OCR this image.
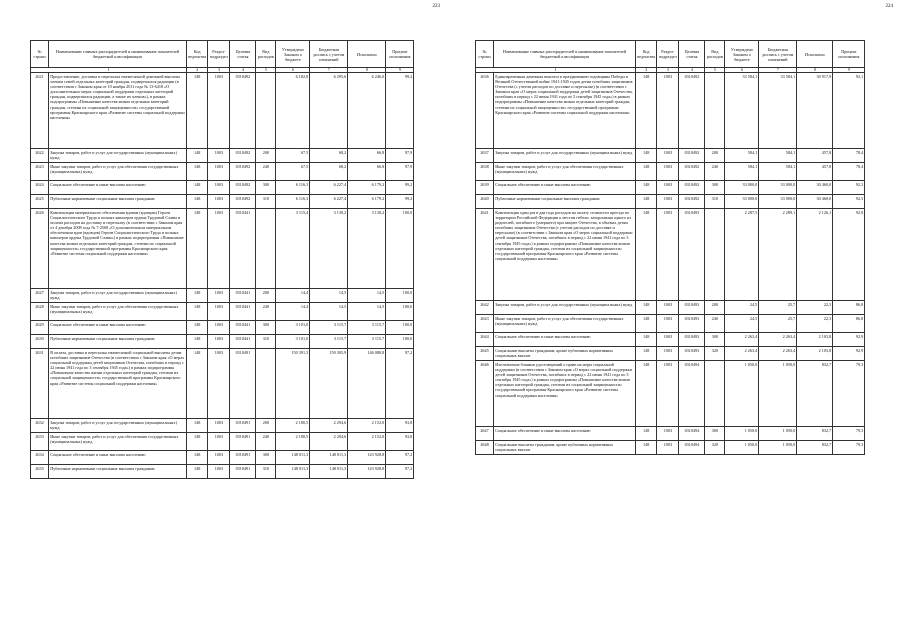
223
№ строки	Наименование главных распорядителей и наименование показателей бюджетной классификации	Код ведомства	Раздел-подраздел	Целевая статья	Вид расходов	Утверждено Законом о бюджете	Бюджетная роспись с учетом изменений	Исполнено	Процент исполнения
1		2	3	4	5	6	7	8	9
2621	Предоставление, доставка и пересылка ежемесячной денежной выплаты членам семей отдельных категорий граждан, подвергшихся радиации (в соответствии с Законом края от 10 ноября 2011 года № 13-6418 «О дополнительных мерах социальной поддержки отдельных категорий граждан, подвергшихся радиации, а также их членов»), в рамках подпрограммы «Повышение качества жизни отдельных категорий граждан, степени их социальной защищенности» государственной программы Красноярского края «Развитие системы социальной поддержки населения»	148	1003	0310492		6 182,8	6 295,6	6 246,0	99,2
2622	Закупка товаров, работ и услуг для государственных (муниципальных) нужд	148	1003	0310492	200	67,5	68,2	66,8	97,9
2623	Иные закупки товаров, работ и услуг для обеспечения государственных (муниципальных) нужд	148	1003	0310492	240	67,5	68,2	66,8	97,9
2624	Социальное обеспечение и иные выплаты населению	148	1003	0310492	300	6 116,3	6 227,4	6 179,2	99,2
2625	Публичные нормативные социальные выплаты гражданам	148	1003	0310492	310	6 116,3	6 227,4	6 179,2	99,2
2626	Компенсация материального обеспечения вдовам (вдовцам) Героев Социалистического Труда и полных кавалеров ордена Трудовой Славы и оплаты расходов на доставку и пересылку (в соответствии с Законом края от 4 декабря 2008 года № 7-2568 «О дополнительном материальном обеспечении вдов (вдовцов) Героев Социалистического Труда и полных кавалеров ордена Трудовой Славы») в рамках подпрограммы «Повышение качества жизни отдельных категорий граждан, степени их социальной защищенности» государственной программы Красноярского края «Развитие системы социальной поддержки населения»	148	1003	0310441		3 115,4	3 130,2	3 130,2	100,0
2627	Закупка товаров, работ и услуг для государственных (муниципальных) нужд	148	1003	0310441	200	14,4	14,5	14,5	100,0
2628	Иные закупки товаров, работ и услуг для обеспечения государственных (муниципальных) нужд	148	1003	0310441	240	14,4	14,5	14,5	100,0
2629	Социальное обеспечение и иные выплаты населению	148	1003	0310441	300	3 101,0	3 115,7	3 115,7	100,0
2630	Публичные нормативные социальные выплаты гражданам	148	1003	0310441	310	3 101,0	3 115,7	3 115,7	100,0
2631	В оплата, доставка и пересылка ежемесячной социальной выплаты детям погибших защитников Отечества (в соответствии с Законом края «О мерах социальной поддержки детей защитников Отечества, погибших в период с 22 июня 1941 года по 3 сентября 1945 года») в рамках подпрограммы «Повышение качества жизни отдельных категорий граждан, степени их социальной защищенности» государственной программы Красноярского края «Развитие системы социальной поддержки населения»	148	1003	0310491		150 391,3	150 305,9	146 080,8	97,2
2632	Закупка товаров, работ и услуг для государственных (муниципальных) нужд	148	1003	0310491	200	2 180,5	2 294,6	2 152,0	93,8
2633	Иные закупки товаров, работ и услуг для обеспечения государственных (муниципальных) нужд	148	1003	0310491	240	2 180,5	2 294,6	2 152,0	93,8
2634	Социальное обеспечение и иные выплаты населению	148	1003	0310491	300	148 011,3	148 011,3	143 928,8	97,2
2635	Публичные нормативные социальные выплаты гражданам	148	1003	0310491	310	148 011,3	148 011,3	143 928,8	97,2
224
№ строки	Наименование главных распорядителей и наименование показателей бюджетной классификации	Код ведомства	Раздел-подраздел	Целевая статья	Вид расходов	Утверждено Законом о бюджете	Бюджетная роспись с учетом изменений	Исполнено	Процент исполнения
1		2	3	4	5	6	7	8	9
2636	Единовременная денежная выплата к празднованию годовщины Победы в Великой Отечественной войне 1941-1945 годов детям погибших защитников Отечества (с учетом расходов по доставке и пересылке) (в соответствии с Законом края «О мерах социальной поддержки детей защитников Отечества, погибших в период с 22 июня 1941 года по 3 сентября 1945 года») в рамках подпрограммы «Повышение качества жизни отдельных категорий граждан, степени их социальной защищенности» государственной программы Красноярского края «Развитие системы социальной поддержки населения»	148	1003	0310492		33 584,1	33 584,1	30 917,9	92,1
2637	Закупка товаров, работ и услуг для государственных (муниципальных) нужд	148	1003	0310492	200	584,1	584,1	457,8	78,4
2638	Иные закупки товаров, работ и услуг для обеспечения государственных (муниципальных) нужд	148	1003	0310492	240	584,1	584,1	457,8	78,4
2639	Социальное обеспечение и иные выплаты населению	148	1003	0310492	300	33 000,0	33 000,0	30 460,0	92,3
2640	Публичные нормативные социальные выплаты гражданам	148	1003	0310492	310	33 000,0	33 000,0	30 460,0	92,3
2641	Компенсация один раз в два года расходов на оплату стоимости проезда по территории Российской Федерации к местам гибели, захоронения одного из родителей, погибшего (умершего) при защите Отечества, в объемах детям погибших защитников Отечества (с учетом расходов по доставке и пересылке) (в соответствии с Законом края «О мерах социальной поддержки детей защитников Отечества, погибших в период с 22 июня 1941 года по 3 сентября 1945 года») в рамках подпрограммы «Повышение качества жизни отдельных категорий граждан, степени их социальной защищенности» государственной программы Красноярского края «Развитие системы социальной поддержки населения»	148	1003	0310493		2 287,5	2 289,1	2 126,1	92,9
2642	Закупка товаров, работ и услуг для государственных (муниципальных) нужд	148	1003	0310493	200	24,5	25,7	22,3	86,8
2643	Иные закупки товаров, работ и услуг для обеспечения государственных (муниципальных) нужд	148	1003	0310493	240	24,5	25,7	22,3	86,8
2644	Социальное обеспечение и иные выплаты населению	148	1003	0310493	300	2 263,4	2 263,4	2 103,8	92,9
2645	Социальные выплаты гражданам, кроме публичных нормативных социальных выплат	148	1003	0310493	320	2 263,4	2 263,4	2 103,8	92,9
2646	Изготовление бланков удостоверений о праве на меры социальной поддержки (в соответствии с Законом края «О мерах социальной поддержки детей защитников Отечества, погибших в период с 22 июня 1941 года по 3 сентября 1945 года») в рамках подпрограммы «Повышение качества жизни отдельных категорий граждан, степени их социальной защищенности» государственной программы Красноярского края «Развитие системы социальной поддержки населения»	148	1003	0310494		1 050,0	1 050,0	832,7	79,3
2647	Социальное обеспечение и иные выплаты населению	148	1003	0310494	300	1 050,0	1 050,0	832,7	79,3
2648	Социальные выплаты гражданам, кроме публичных нормативных социальных выплат	148	1003	0310494	320	1 050,0	1 050,0	832,7	79,3
